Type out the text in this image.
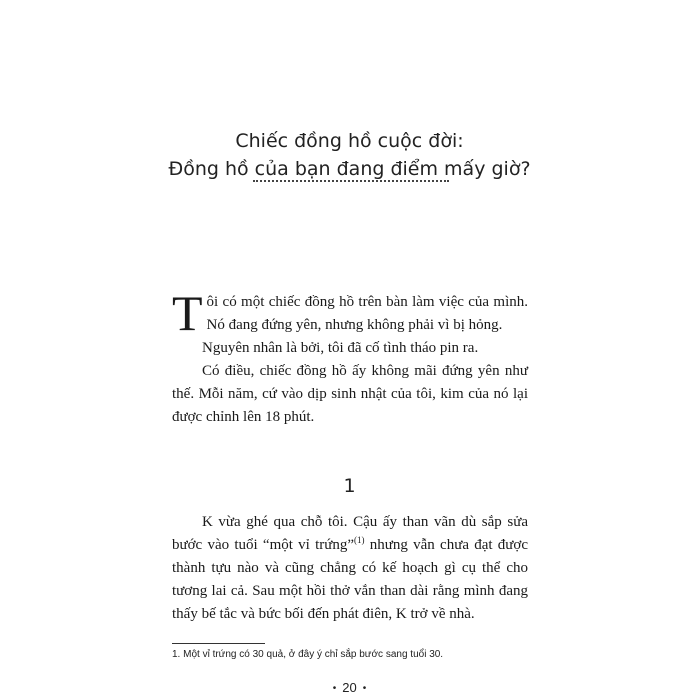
Chiếc đồng hồ cuộc đời:
Đồng hồ của bạn đang điểm mấy giờ?

Tôi có một chiếc đồng hồ trên bàn làm việc của mình. Nó đang đứng yên, nhưng không phải vì bị hỏng.

Nguyên nhân là bởi, tôi đã cố tình tháo pin ra.

Có điều, chiếc đồng hồ ấy không mãi đứng yên như thế. Mỗi năm, cứ vào dịp sinh nhật của tôi, kim của nó lại được chỉnh lên 18 phút.

1

K vừa ghé qua chỗ tôi. Cậu ấy than vãn dù sắp sửa bước vào tuổi “một vỉ trứng”$^{(1)}$ nhưng vẫn chưa đạt được thành tựu nào và cũng chẳng có kế hoạch gì cụ thể cho tương lai cả. Sau một hồi thở vắn than dài rằng mình đang thấy bế tắc và bức bối đến phát điên, K trở về nhà.

1. Một vỉ trứng có 30 quả, ở đây ý chỉ sắp bước sang tuổi 30.
• 20 •
